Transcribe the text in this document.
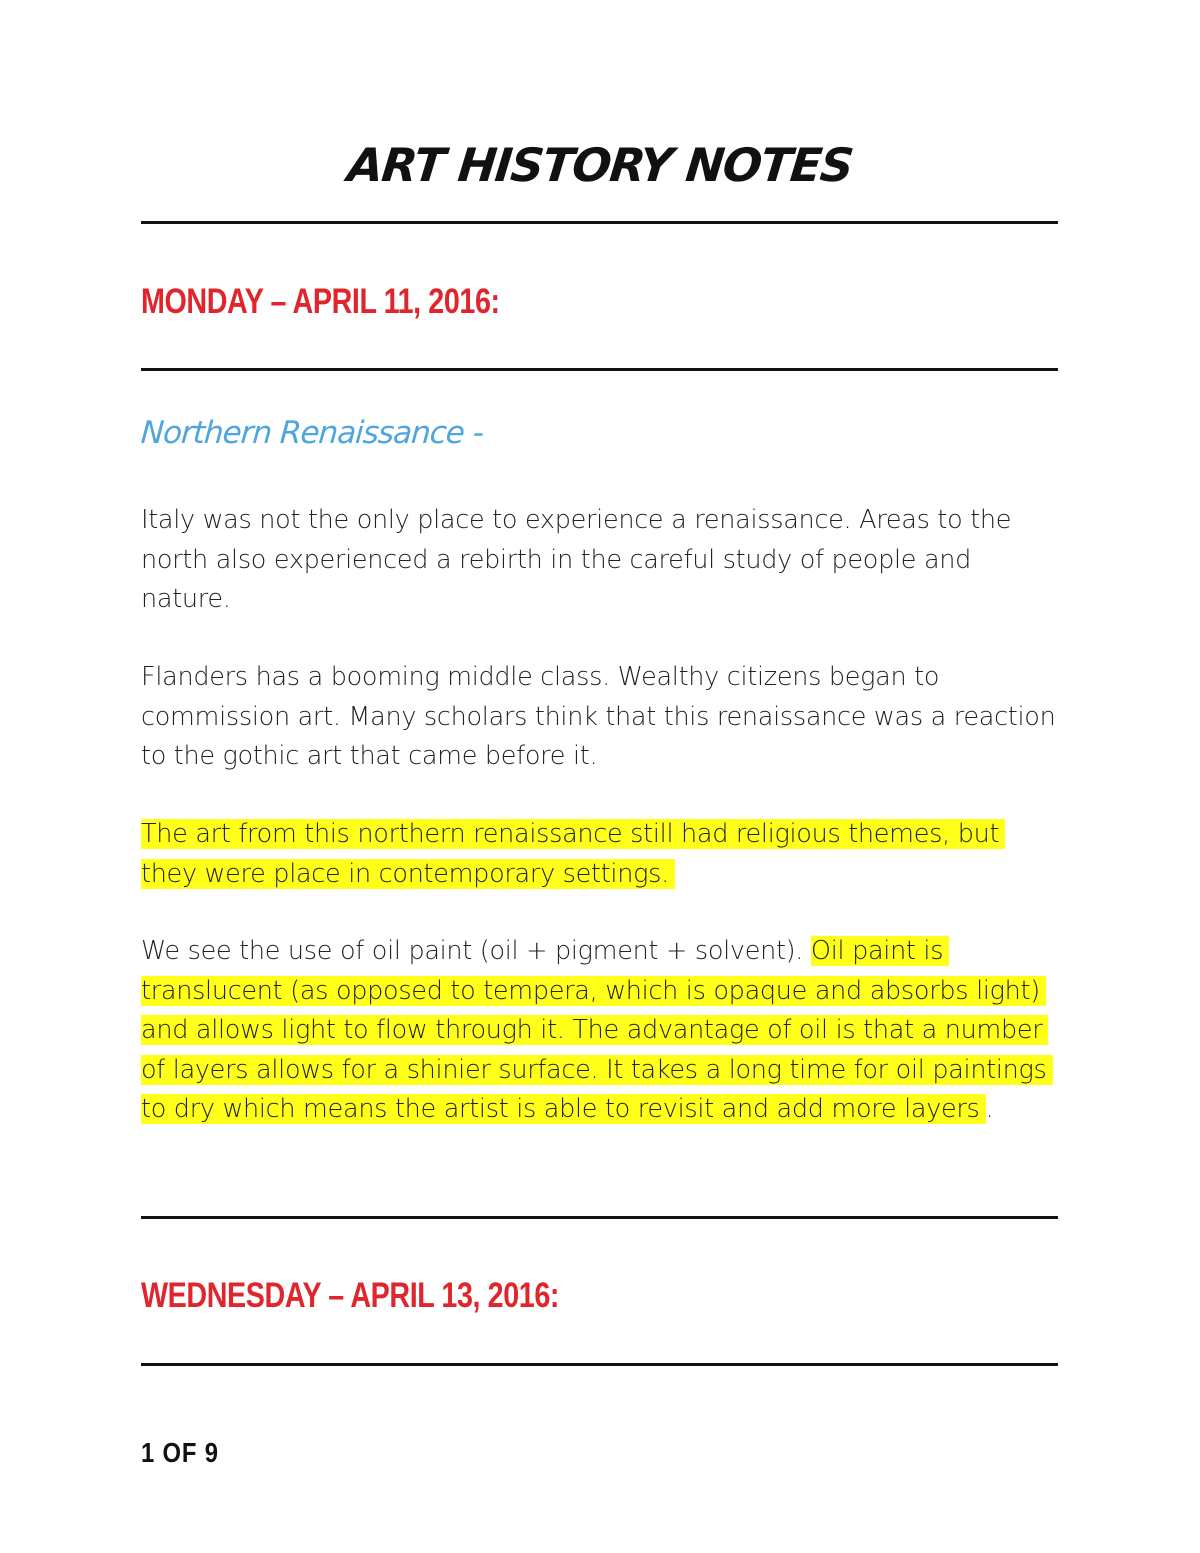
ART HISTORY NOTES
MONDAY – APRIL 11, 2016:
Northern Renaissance -

Italy was not the only place to experience a renaissance. Areas to the north also experienced a rebirth in the careful study of people and nature.

Flanders has a booming middle class. Wealthy citizens began to commission art. Many scholars think that this renaissance was a reaction to the gothic art that came before it.

The art from this northern renaissance still had religious themes, but they were place in contemporary settings.

We see the use of oil paint (oil + pigment + solvent). Oil paint is translucent (as opposed to tempera, which is opaque and absorbs light) and allows light to flow through it. The advantage of oil is that a number of layers allows for a shinier surface. It takes a long time for oil paintings to dry which means the artist is able to revisit and add more layers .

WEDNESDAY – APRIL 13, 2016:
1 OF 9
